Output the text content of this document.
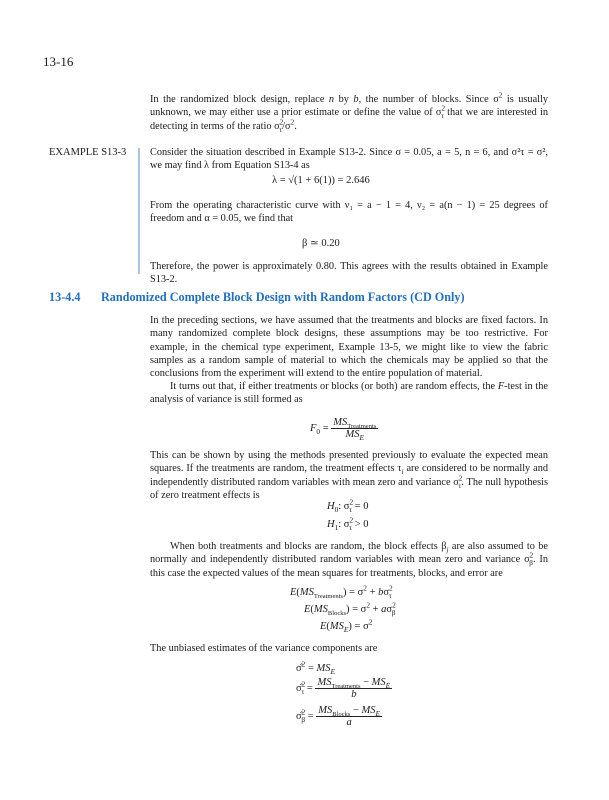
13-16
In the randomized block design, replace n by b, the number of blocks. Since $\sigma^2$ is usually unknown, we may either use a prior estimate or define the value of $\sigma^2_\tau$ that we are interested in detecting in terms of the ratio $\sigma^2_\tau/\sigma^2$.
EXAMPLE S13-3 Consider the situation described in Example S13-2. Since σ = 0.05, a = 5, n = 6, and σ²τ = σ², we may find λ from Equation S13-4 as
λ = √(1 + 6(1)) = 2.646
From the operating characteristic curve with ν₁ = a − 1 = 4, ν₂ = a(n − 1) = 25 degrees of freedom and α = 0.05, we find that
β ≃ 0.20
Therefore, the power is approximately 0.80. This agrees with the results obtained in Example S13-2.
13-4.4 Randomized Complete Block Design with Random Factors (CD Only)
In the preceding sections, we have assumed that the treatments and blocks are fixed factors. In many randomized complete block designs, these assumptions may be too restrictive. For example, in the chemical type experiment, Example 13-5, we might like to view the fabric samples as a random sample of material to which the chemicals may be applied so that the conclusions from the experiment will extend to the entire population of material.
It turns out that, if either treatments or blocks (or both) are random effects, the F-test in the analysis of variance is still formed as
$F_0 = \frac{MS_{Treatments}}{MS_E}$
This can be shown by using the methods presented previously to evaluate the expected mean squares. If the treatments are random, the treatment effects $\tau_i$ are considered to be normally and independently distributed random variables with mean zero and variance $\sigma^2_\tau$. The null hypothesis of zero treatment effects is
$H_0$: $\sigma^2_\tau = 0$
$H_1$: $\sigma^2_\tau > 0$
When both treatments and blocks are random, the block effects $\beta_j$ are also assumed to be normally and independently distributed random variables with mean zero and variance $\sigma^2_\beta$. In this case the expected values of the mean squares for treatments, blocks, and error are
$E(MS_{Treatments}) = \sigma^2 + b\sigma^2_\tau$
$E(MS_{Blocks}) = \sigma^2 + a\sigma^2_\beta$
$E(MS_E) = \sigma^2$
The unbiased estimates of the variance components are
σ̂$^2$ = $MS_E$
σ̂$^2_\tau$ = $\frac{MS_{Treatments} - MS_E}{b}$
σ̂$^2_\beta$ = $\frac{MS_{Blocks} - MS_E}{a}$
